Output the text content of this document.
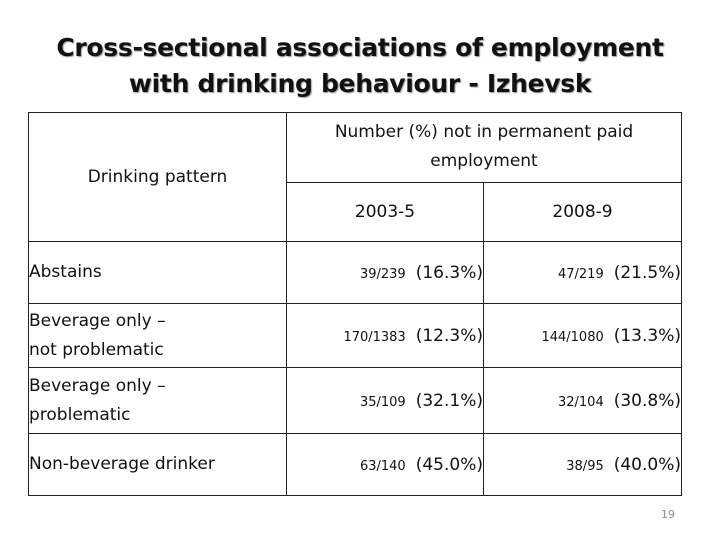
Cross-sectional associations of employment
with drinking behaviour - Izhevsk
Drinking pattern	Number (%) not in permanent paid
employment	
	2003-5	2008-9
Abstains	39/239 (16.3%)	47/219 (21.5%)
Beverage only –
not problematic	170/1383 (12.3%)	144/1080 (13.3%)
Beverage only –
problematic	35/109 (32.1%)	32/104 (30.8%)
Non-beverage drinker	63/140 (45.0%)	38/95 (40.0%)
19
